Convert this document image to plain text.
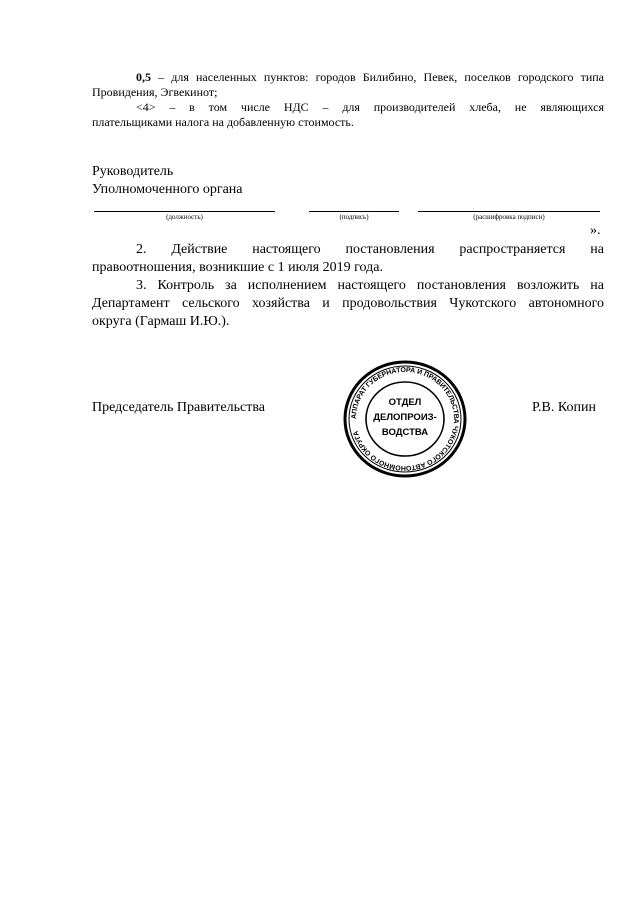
0,5 – для населенных пунктов: городов Билибино, Певек, поселков городского типа
Провидения, Эгвекинот;
<4> – в том числе НДС – для производителей хлеба, не являющихся
плательщиками налога на добавленную стоимость.
Руководитель
Уполномоченного органа
(должность)	(подпись)	(расшифровка подписи)
».
2. Действие настоящего постановления распространяется на
правоотношения, возникшие с 1 июля 2019 года.
3. Контроль за исполнением настоящего постановления возложить на
Департамент сельского хозяйства и продовольствия Чукотского автономного
округа (Гармаш И.Ю.).
Председатель Правительства	Р.В. Копин
АППАРАТ ГУБЕРНАТОРА И ПРАВИТЕЛЬСТВА ЧУКОТСКОГО АВТОНОМНОГО ОКРУГА
ОТДЕЛ
ДЕЛОПРОИЗ-
ВОДСТВА
